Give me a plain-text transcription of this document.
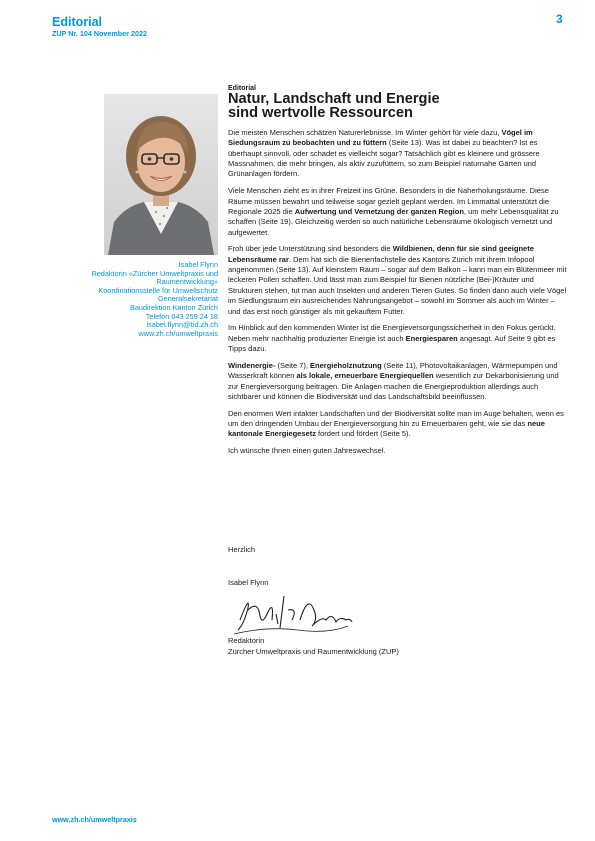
Editorial
ZUP Nr. 104 November 2022
3
Isabel Flynn
Redaktorin «Zürcher Umweltpraxis und
Raumentwicklung»
Koordinationsstelle für Umweltschutz
Generalsekretariat
Baudirektion Kanton Zürich
Telefon 043 259 24 18
isabel.flynn@bd.zh.ch
www.zh.ch/umweltpraxis
Editorial
Natur, Landschaft und Energie
sind wertvolle Ressourcen

Die meisten Menschen schätzen Naturerlebnisse. Im Winter gehört für viele dazu, Vögel im Siedungsraum zu beobachten und zu füttern (Seite 13). Was ist dabei zu beachten? Ist es überhaupt sinnvoll, oder schadet es vielleicht sogar? Tatsächlich gibt es kleinere und grössere Massnahmen, die mehr bringen, als aktiv zuzufüttern, so zum Beispiel naturnahe Gärten und Grünanlagen fördern.

Viele Menschen zieht es in ihrer Freizeit ins Grüne. Besonders in die Naherholungsräume. Diese Räume müssen bewahrt und teilweise sogar gezielt geplant werden. Im Limmattal unterstützt die Regionale 2025 die Aufwertung und Vernetzung der ganzen Region, um mehr Lebensqualität zu schaffen (Seite 19). Gleichzeitig werden so auch natürliche Lebensräume ökologisch vernetzt und aufgewertet.

Froh über jede Unterstützung sind besonders die Wildbienen, denn für sie sind geeignete Lebensräume rar. Dem hat sich die Bienenfachstelle des Kantons Zürich mit ihrem Infopool angenommen (Seite 13). Auf kleinstem Raum – sogar auf dem Balkon – kann man ein Blütenmeer mit leckeren Pollen schaffen. Und lässt man zum Beispiel für Bienen nützliche (Bei-)Kräuter und Strukturen stehen, tut man auch Insekten und anderen Tieren Gutes. So finden dann auch viele Vögel im Siedlungsraum ein ausreichendes Nahrungsangebot – sowohl im Sommer als auch im Winter – und das erst noch günstiger als mit gekauftem Futter.

Im Hinblick auf den kommenden Winter ist die Energieversorgungssicherheit in den Fokus gerückt. Neben mehr nachhaltig produzierter Energie ist auch Energiesparen angesagt. Auf Seite 9 gibt es Tipps dazu.

Windenergie- (Seite 7), Energieholznutzung (Seite 11), Photovoltaikanlagen, Wärmepumpen und Wasserkraft können als lokale, erneuerbare Energiequellen wesentlich zur Dekarbonisierung und zur Energieversorgung beitragen. Die Anlagen machen die Energieproduktion allerdings auch sichtbarer und können die Biodiversität und das Landschaftsbild beeinflussen.

Den enormen Wert intakter Landschaften und der Biodiversität sollte man im Auge behalten, wenn es um den dringenden Umbau der Energieversorgung hin zu Erneuerbaren geht, wie sie das neue kantonale Energiegesetz fordert und fördert (Seite 5).

Ich wünsche Ihnen einen guten Jahreswechsel.

Herzlich
Isabel Flynn
Redaktorin
Zürcher Umweltpraxis und Raumentwicklung (ZUP)
www.zh.ch/umweltpraxis
